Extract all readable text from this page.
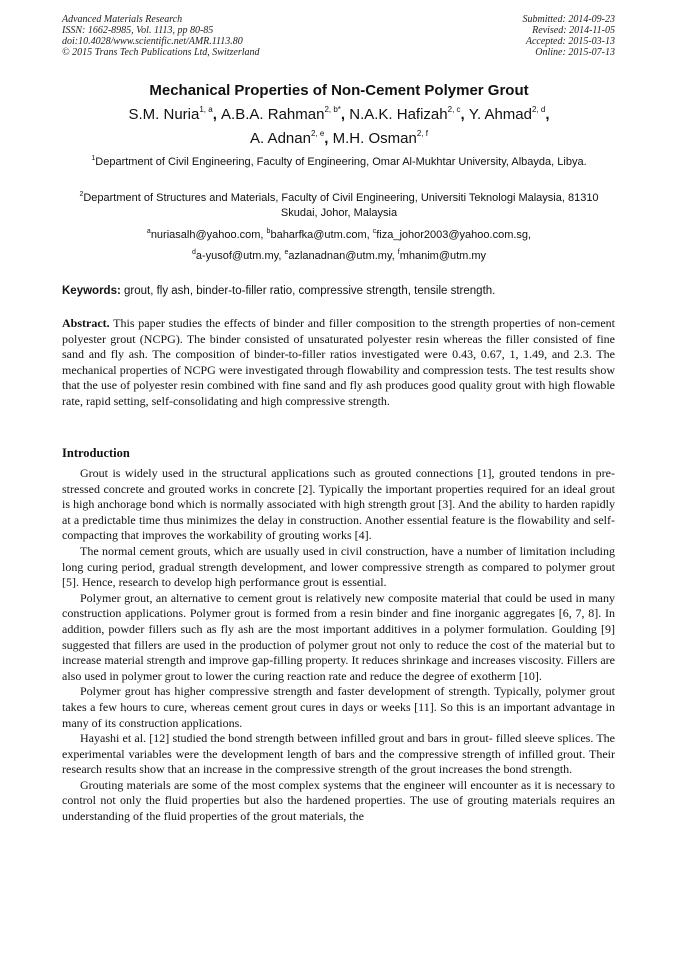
Advanced Materials Research
ISSN: 1662-8985, Vol. 1113, pp 80-85
doi:10.4028/www.scientific.net/AMR.1113.80
© 2015 Trans Tech Publications Ltd, Switzerland
Submitted: 2014-09-23
Revised: 2014-11-05
Accepted: 2015-03-13
Online: 2015-07-13
Mechanical Properties of Non-Cement Polymer Grout
S.M. Nuria$^{1, a}$, A.B.A. Rahman$^{2, b*}$, N.A.K. Hafizah$^{2, c}$, Y. Ahmad$^{2, d}$,
A. Adnan$^{2, e}$, M.H. Osman$^{2, f}$
$^1$Department of Civil Engineering, Faculty of Engineering, Omar Al-Mukhtar University, Albayda, Libya.
$^2$Department of Structures and Materials, Faculty of Civil Engineering, Universiti Teknologi Malaysia, 81310 Skudai, Johor, Malaysia
$^a$nuriasalh@yahoo.com, $^b$baharfka@utm.com, $^c$fiza_johor2003@yahoo.com.sg,
$^d$a-yusof@utm.my, $^e$azlanadnan@utm.my, $^f$mhanim@utm.my
Keywords: grout, fly ash, binder-to-filler ratio, compressive strength, tensile strength.
Abstract. This paper studies the effects of binder and filler composition to the strength properties of non-cement polyester grout (NCPG). The binder consisted of unsaturated polyester resin whereas the filler consisted of fine sand and fly ash. The composition of binder-to-filler ratios investigated were 0.43, 0.67, 1, 1.49, and 2.3. The mechanical properties of NCPG were investigated through flowability and compression tests. The test results show that the use of polyester resin combined with fine sand and fly ash produces good quality grout with high flowable rate, rapid setting, self-consolidating and high compressive strength.
Introduction

Grout is widely used in the structural applications such as grouted connections [1], grouted tendons in pre-stressed concrete and grouted works in concrete [2]. Typically the important properties required for an ideal grout is high anchorage bond which is normally associated with high strength grout [3]. And the ability to harden rapidly at a predictable time thus minimizes the delay in construction. Another essential feature is the flowability and self-compacting that improves the workability of grouting works [4].

The normal cement grouts, which are usually used in civil construction, have a number of limitation including long curing period, gradual strength development, and lower compressive strength as compared to polymer grout [5]. Hence, research to develop high performance grout is essential.

Polymer grout, an alternative to cement grout is relatively new composite material that could be used in many construction applications. Polymer grout is formed from a resin binder and fine inorganic aggregates [6, 7, 8]. In addition, powder fillers such as fly ash are the most important additives in a polymer formulation. Goulding [9] suggested that fillers are used in the production of polymer grout not only to reduce the cost of the material but to increase material strength and improve gap-filling property. It reduces shrinkage and increases viscosity. Fillers are also used in polymer grout to lower the curing reaction rate and reduce the degree of exotherm [10].

Polymer grout has higher compressive strength and faster development of strength. Typically, polymer grout takes a few hours to cure, whereas cement grout cures in days or weeks [11]. So this is an important advantage in many of its construction applications.

Hayashi et al. [12] studied the bond strength between infilled grout and bars in grout- filled sleeve splices. The experimental variables were the development length of bars and the compressive strength of infilled grout. Their research results show that an increase in the compressive strength of the grout increases the bond strength.

Grouting materials are some of the most complex systems that the engineer will encounter as it is necessary to control not only the fluid properties but also the hardened properties. The use of grouting materials requires an understanding of the fluid properties of the grout materials, the
